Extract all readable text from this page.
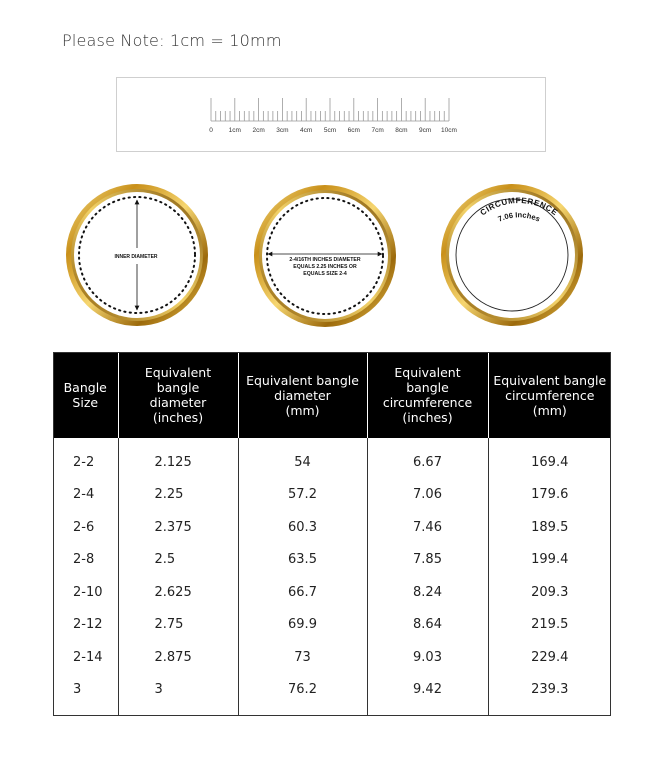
Please Note: 1cm = 10mm
0 1cm 2cm 3cm 4cm 5cm 6cm 7cm 8cm 9cm 10cm
INNER DIAMETER	2-4/16TH INCHES DIAMETER
EQUALS 2.25 INCHES OR
EQUALS SIZE 2-4
CIRCUMFERENCE
7.06 Inches
Bangle
Size	Equivalent bangle
diameter
(inches)	Equivalent bangle
diameter
(mm)	Equivalent bangle
circumference
(inches)	Equivalent bangle
circumference
(mm)

2-2	2.125	54	6.67	169.4
2-4	2.25	57.2	7.06	179.6
2-6	2.375	60.3	7.46	189.5
2-8	2.5	63.5	7.85	199.4
2-10	2.625	66.7	8.24	209.3
2-12	2.75	69.9	8.64	219.5
2-14	2.875	73	9.03	229.4
3	3	76.2	9.42	239.3
